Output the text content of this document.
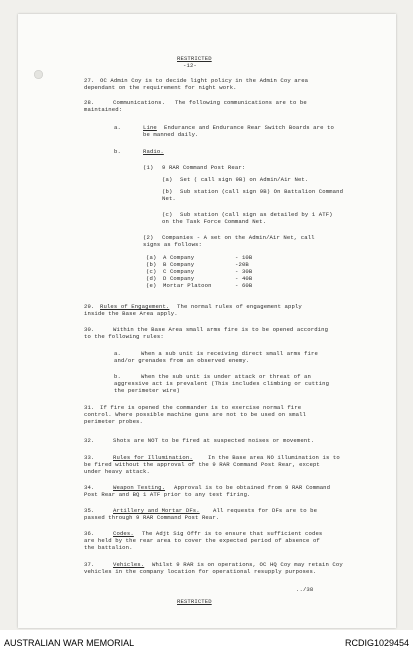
RESTRICTED
-12-
27. OC Admin Coy is to decide light policy in the Admin Coy area
dependant on the requirement for night work.
28.	Communications. The following communications are to be
maintained:
a.	Line Endurance and Endurance Rear Switch Boards are to
be manned daily.
b.	Radio.
(1) 9 RAR Command Post Rear:
(a) Set ( call sign 9B) on Admin/Air Net.
(b) Sub station (call sign 9B) On Battalion Command
Net.
(c) Sub station (call sign as detailed by 1 ATF)
on the Task Force Command Net.
(2) Companies - A set on the Admin/Air Net, call
signs as follows:
(a) A Company	- 10B
(b) B Company	-20B
(c) C Company	- 30B
(d) D Company	- 40B
(e) Mortar Platoon	- 60B
29. Rules of Engagement. The normal rules of engagement apply
inside the Base Area apply.
30.	Within the Base Area small arms fire is to be opened according
to the following rules:
a.	When a sub unit is receiving direct small arms fire
and/or grenades from an observed enemy.
b.	When the sub unit is under attack or threat of an
aggressive act is prevalent (This includes climbing or cutting
the perimeter wire)
31. If fire is opened the commander is to exercise normal fire
control. Where possible machine guns are not to be used on small
perimeter probes.
32.	Shots are NOT to be fired at suspected noises or movement.
33.	Rules for Illumination.	In the Base area NO illumination is to
be fired without the approval of the 9 RAR Command Post Rear, except
under heavy attack.
34.	Weapon Testing. Approval is to be obtained from 9 RAR Command
Post Rear and BQ 1 ATF prior to any test firing.
35.	Artillery and Mortar DFs. All requests for DFs are to be
passed through 9 RAR Command Post Rear.
36.	Codes. The Adjt Sig Offr is to ensure that sufficient codes
are held by the rear area to cover the expected period of absence of
the battalion.
37.	Vehicles. Whilst 9 RAR is on operations, OC HQ Coy may retain Coy
vehicles in the company location for operational resupply purposes.
../38
RESTRICTED
AUSTRALIAN WAR MEMORIAL	RCDIG1029454
